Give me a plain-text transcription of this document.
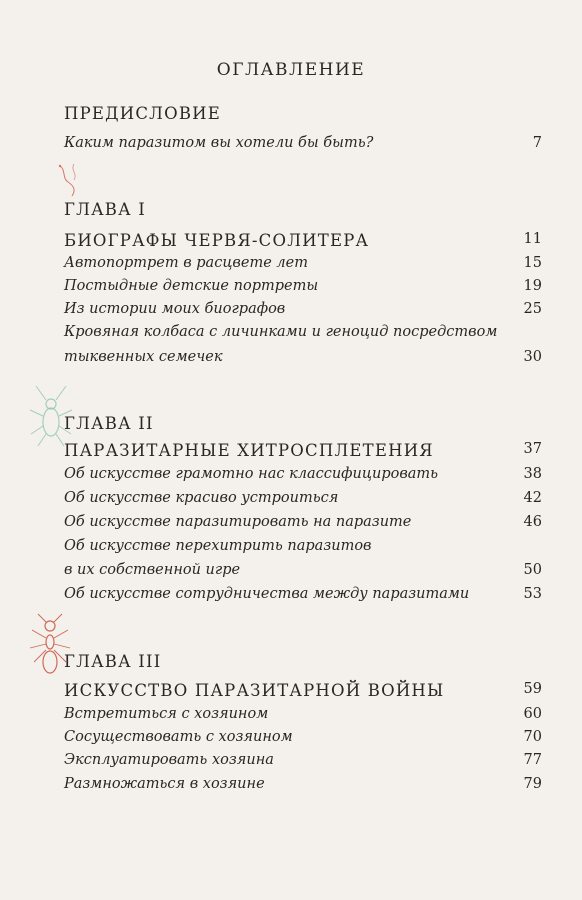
ОГЛАВЛЕНИЕ
ПРЕДИСЛОВИЕ
Каким паразитом вы хотели бы быть?	7
ГЛАВА I
БИОГРАФЫ ЧЕРВЯ-СОЛИТЕРА	11
Автопортрет в расцвете лет	15
Постыдные детские портреты	19
Из истории моих биографов	25
Кровяная колбаса с личинками и геноцид посредством
тыквенных семечек	30
ГЛАВА II
ПАРАЗИТАРНЫЕ ХИТРОСПЛЕТЕНИЯ	37
Об искусстве грамотно нас классифицировать	38
Об искусстве красиво устроиться	42
Об искусстве паразитировать на паразите	46
Об искусстве перехитрить паразитов
в их собственной игре	50
Об искусстве сотрудничества между паразитами	53
ГЛАВА III
ИСКУССТВО ПАРАЗИТАРНОЙ ВОЙНЫ	59
Встретиться с хозяином	60
Сосуществовать с хозяином	70
Эксплуатировать хозяина	77
Размножаться в хозяине	79
